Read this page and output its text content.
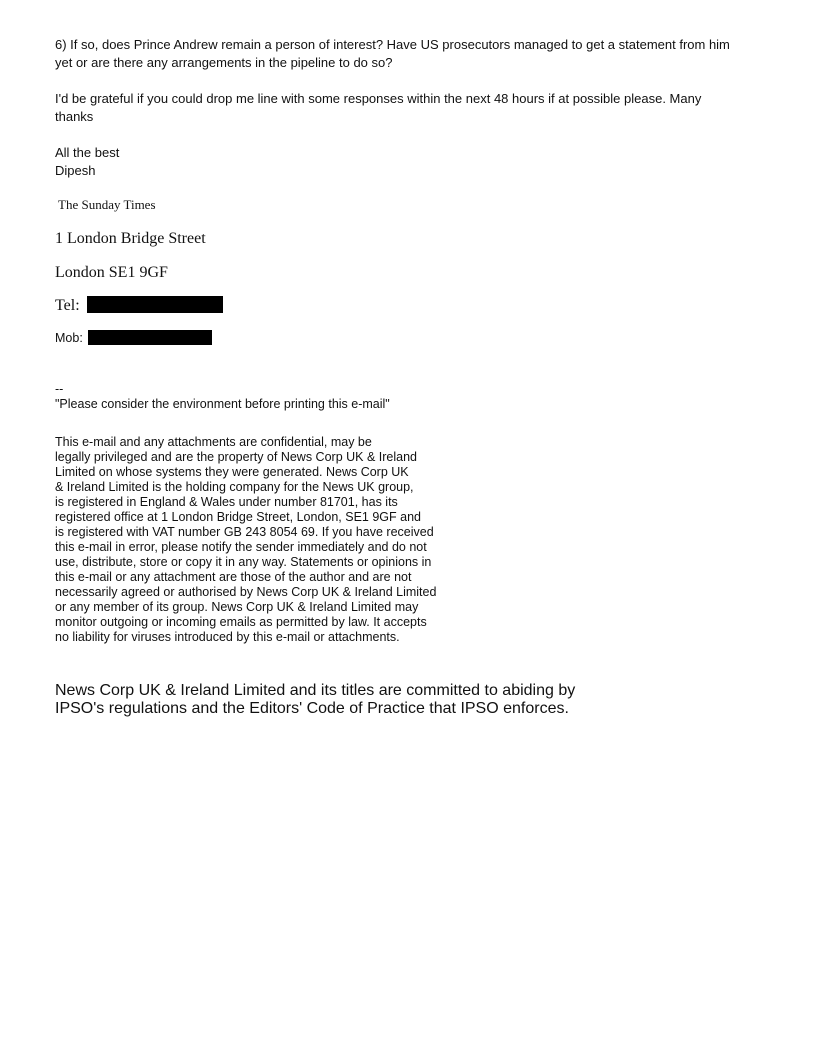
6) If so, does Prince Andrew remain a person of interest? Have US prosecutors managed to get a statement from him
yet or are there any arrangements in the pipeline to do so?
I'd be grateful if you could drop me line with some responses within the next 48 hours if at possible please. Many
thanks
All the best
Dipesh
The Sunday Times
1 London Bridge Street
London SE1 9GF
Tel:
Mob:
--
"Please consider the environment before printing this e-mail"
This e-mail and any attachments are confidential, may be
legally privileged and are the property of News Corp UK & Ireland
Limited on whose systems they were generated. News Corp UK
& Ireland Limited is the holding company for the News UK group,
is registered in England & Wales under number 81701, has its
registered office at 1 London Bridge Street, London, SE1 9GF and
is registered with VAT number GB 243 8054 69. If you have received
this e-mail in error, please notify the sender immediately and do not
use, distribute, store or copy it in any way. Statements or opinions in
this e-mail or any attachment are those of the author and are not
necessarily agreed or authorised by News Corp UK & Ireland Limited
or any member of its group. News Corp UK & Ireland Limited may
monitor outgoing or incoming emails as permitted by law. It accepts
no liability for viruses introduced by this e-mail or attachments.
News Corp UK & Ireland Limited and its titles are committed to abiding by
IPSO's regulations and the Editors' Code of Practice that IPSO enforces.
